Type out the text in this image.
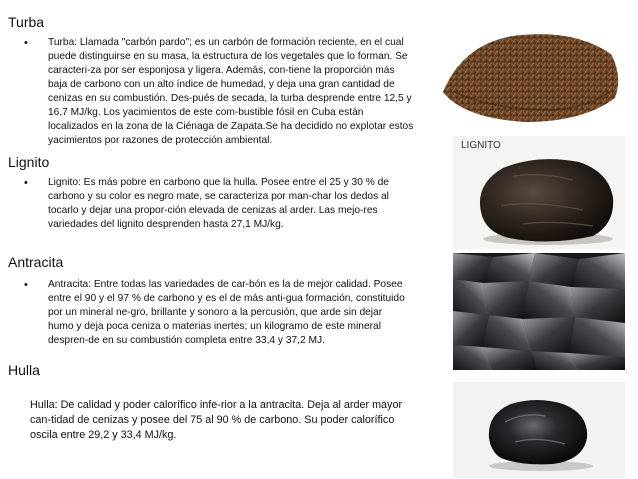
Turba
• Turba: Llamada "carbón pardo"; es un carbón de formación reciente, en el cual puede distinguirse en su masa, la estructura de los vegetales que lo forman. Se caracteri-za por ser esponjosa y ligera. Además, con-tiene la proporción más baja de carbono con un alto índice de humedad, y deja una gran cantidad de cenizas en su combustión. Des-pués de secada, la turba desprende entre 12,5 y 16,7 MJ/kg. Los yacimientos de este com-bustible fósil en Cuba están localizados en la zona de la Ciénaga de Zapata.Se ha decidido no explotar estos yacimientos por razones de protección ambiental.
Lignito
• Lignito: Es más pobre en carbono que la hulla. Posee entre el 25 y 30 % de carbono y su color es negro mate, se caracteriza por man-char los dedos al tocarlo y dejar una propor-ción elevada de cenizas al arder. Las mejo-res variedades del lignito desprenden hasta 27,1 MJ/kg.
LIGNITO
Antracita
• Antracita: Entre todas las variedades de car-bón es la de mejor calidad. Posee entre el 90 y el 97 % de carbono y es el de más anti-gua formación, constituido por un mineral ne-gro, brillante y sonoro a la percusión, que arde sin dejar humo y deja poca ceniza o materias inertes; un kilogramo de este mineral despren-de en su combustión completa entre 33,4 y 37,2 MJ.
Hulla
Hulla: De calidad y poder calorífico infe-rior a la antracita. Deja al arder mayor can-tidad de cenizas y posee del 75 al 90 % de carbono. Su poder calorífico oscila entre 29,2 y 33,4 MJ/kg.
